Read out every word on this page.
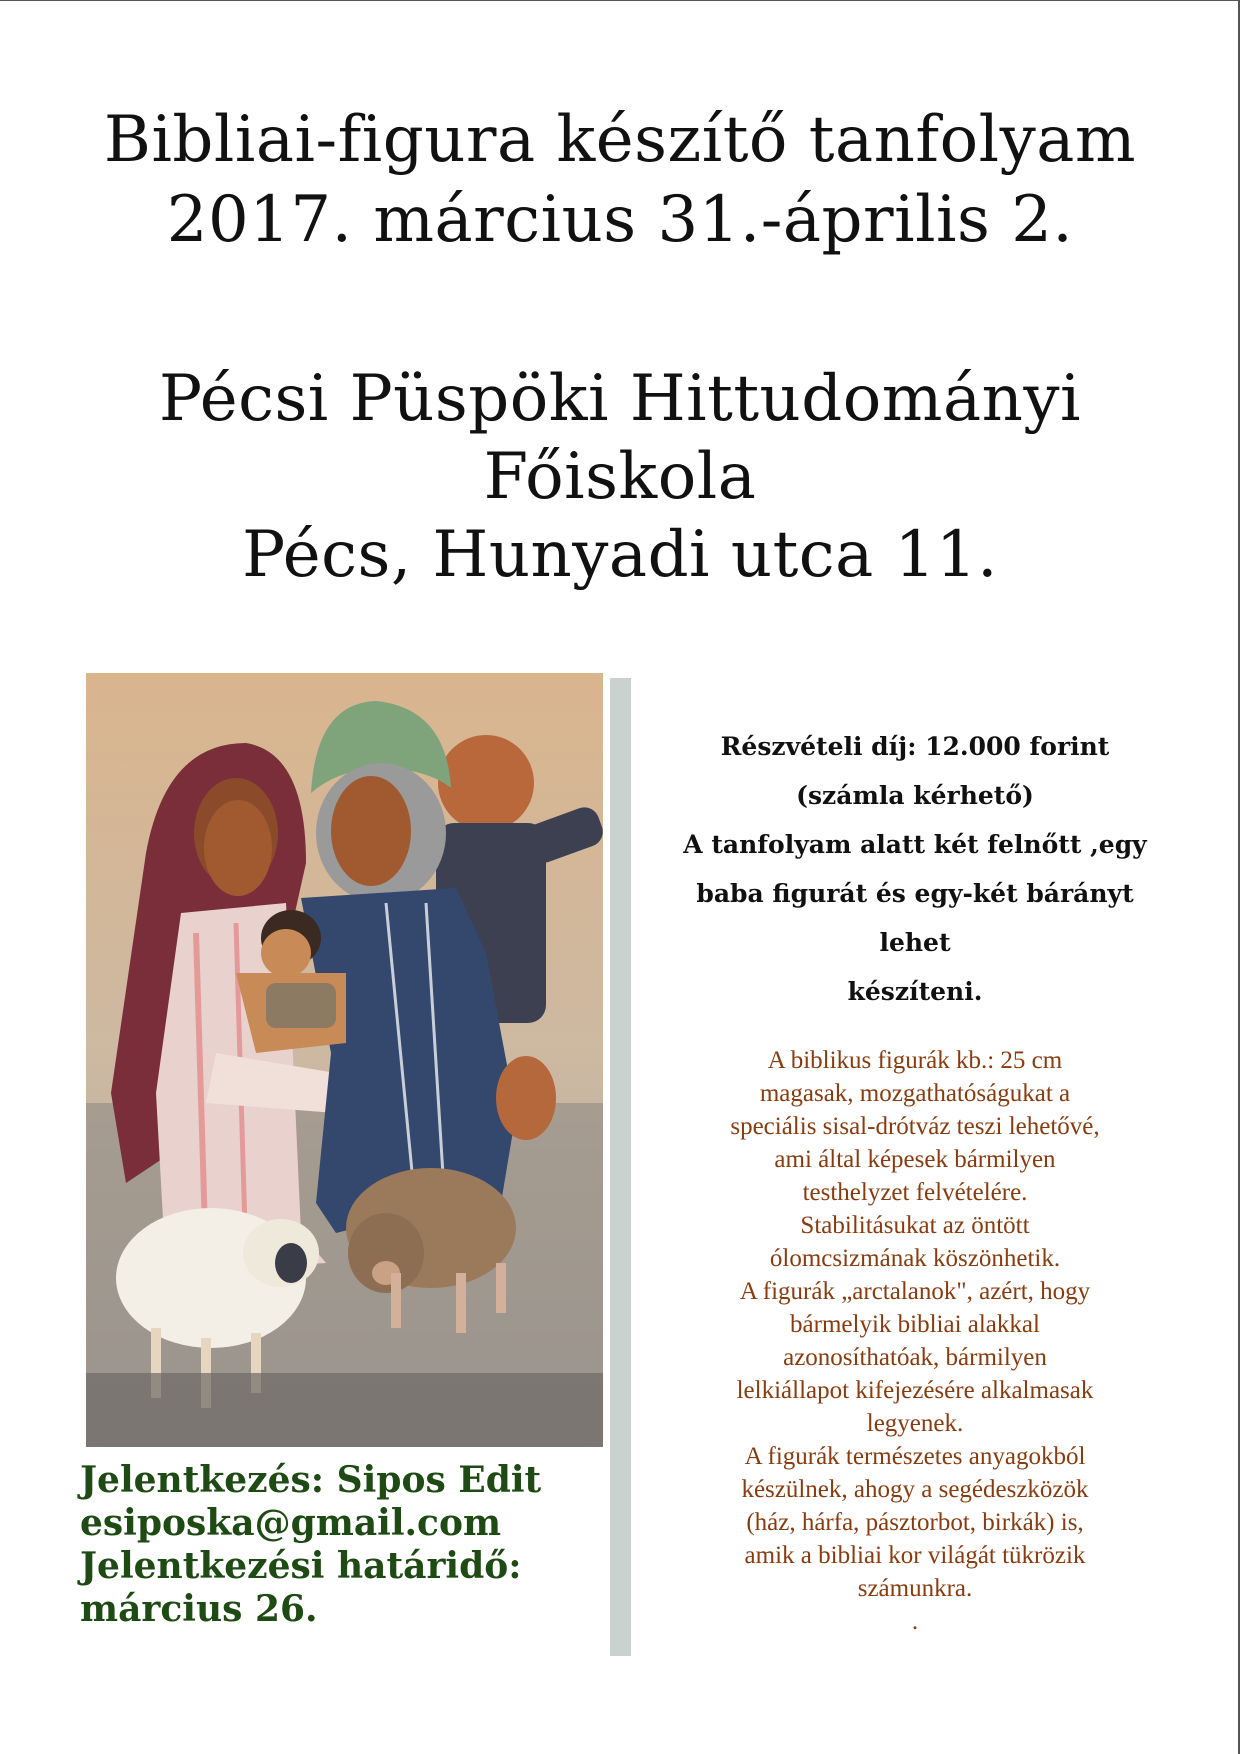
Bibliai-figura készítő tanfolyam
2017. március 31.-április 2.
Pécsi Püspöki Hittudományi
Főiskola
Pécs, Hunyadi utca 11.
Részvételi díj: 12.000 forint
(számla kérhető)
A tanfolyam alatt két felnőtt ,egy
baba figurát és egy-két bárányt
lehet
készíteni.
A biblikus figurák kb.: 25 cm
magasak, mozgathatóságukat a
speciális sisal-drótváz teszi lehetővé,
ami által képesek bármilyen
testhelyzet felvételére.
Stabilitásukat az öntött
ólomcsizmának köszönhetik.
A figurák „arctalanok", azért, hogy
bármelyik bibliai alakkal
azonosíthatóak, bármilyen
lelkiállapot kifejezésére alkalmasak
legyenek.
A figurák természetes anyagokból
készülnek, ahogy a segédeszközök
(ház, hárfa, pásztorbot, birkák) is,
amik a bibliai kor világát tükrözik
számunkra.
.
Jelentkezés: Sipos Edit
esiposka@gmail.com
Jelentkezési határidő:
március 26.
